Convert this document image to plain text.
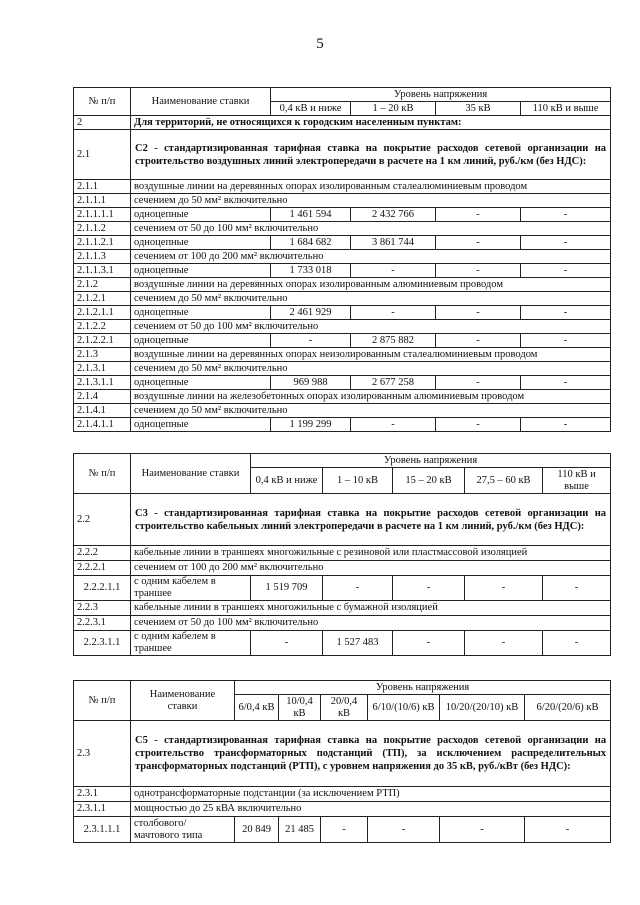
5
№ п/п	Наименование ставки	Уровень напряжения			
		0,4 кВ и ниже	1 – 20 кВ	35 кВ	110 кВ и выше
2	Для территорий, не относящихся к городским населенным пунктам:				
2.1	С2 - стандартизированная тарифная ставка на покрытие расходов сетевой организации на строительство воздушных линий электропередачи в расчете на 1 км линий, руб./км (без НДС):				
2.1.1	воздушные линии на деревянных опорах изолированным сталеалюминиевым проводом				
2.1.1.1	сечением до 50 мм² включительно				
2.1.1.1.1	одноцепные	1 461 594	2 432 766	-	-
2.1.1.2	сечением от 50 до 100 мм² включительно				
2.1.1.2.1	одноцепные	1 684 682	3 861 744	-	-
2.1.1.3	сечением от 100 до 200 мм² включительно				
2.1.1.3.1	одноцепные	1 733 018	-	-	-
2.1.2	воздушные линии на деревянных опорах изолированным алюминиевым проводом				
2.1.2.1	сечением до 50 мм² включительно				
2.1.2.1.1	одноцепные	2 461 929	-	-	-
2.1.2.2	сечением от 50 до 100 мм² включительно				
2.1.2.2.1	одноцепные	-	2 875 882	-	-
2.1.3	воздушные линии на деревянных опорах неизолированным сталеалюминиевым проводом				
2.1.3.1	сечением до 50 мм² включительно				
2.1.3.1.1	одноцепные	969 988	2 677 258	-	-
2.1.4	воздушные линии на железобетонных опорах изолированным алюминиевым проводом				
2.1.4.1	сечением до 50 мм² включительно				
2.1.4.1.1	одноцепные	1 199 299	-	-	-
№ п/п	Наименование ставки	Уровень напряжения				
		0,4 кВ и ниже	1 – 10 кВ	15 – 20 кВ	27,5 – 60 кВ	110 кВ и выше
2.2	С3 - стандартизированная тарифная ставка на покрытие расходов сетевой организации на строительство кабельных линий электропередачи в расчете на 1 км линий, руб./км (без НДС):					
2.2.2	кабельные линии в траншеях многожильные с резиновой или пластмассовой изоляцией					
2.2.2.1	сечением от 100 до 200 мм² включительно					
2.2.2.1.1	с одним кабелем в траншее	1 519 709	-	-	-	-
2.2.3	кабельные линии в траншеях многожильные с бумажной изоляцией					
2.2.3.1	сечением от 50 до 100 мм² включительно					
2.2.3.1.1	с одним кабелем в траншее	-	1 527 483	-	-	-
№ п/п	Наименование ставки	Уровень напряжения					
		6/0,4 кВ	10/0,4 кВ	20/0,4 кВ	6/10/(10/6) кВ	10/20/(20/10) кВ	6/20/(20/6) кВ
2.3	С5 - стандартизированная тарифная ставка на покрытие расходов сетевой организации на строительство трансформаторных подстанций (ТП), за исключением распределительных трансформаторных подстанций (РТП), с уровнем напряжения до 35 кВ, руб./кВт (без НДС):						
2.3.1	однотрансформаторные подстанции (за исключением РТП)						
2.3.1.1	мощностью до 25 кВА включительно						
2.3.1.1.1	столбового/ мачтового типа	20 849	21 485	-	-	-	-
